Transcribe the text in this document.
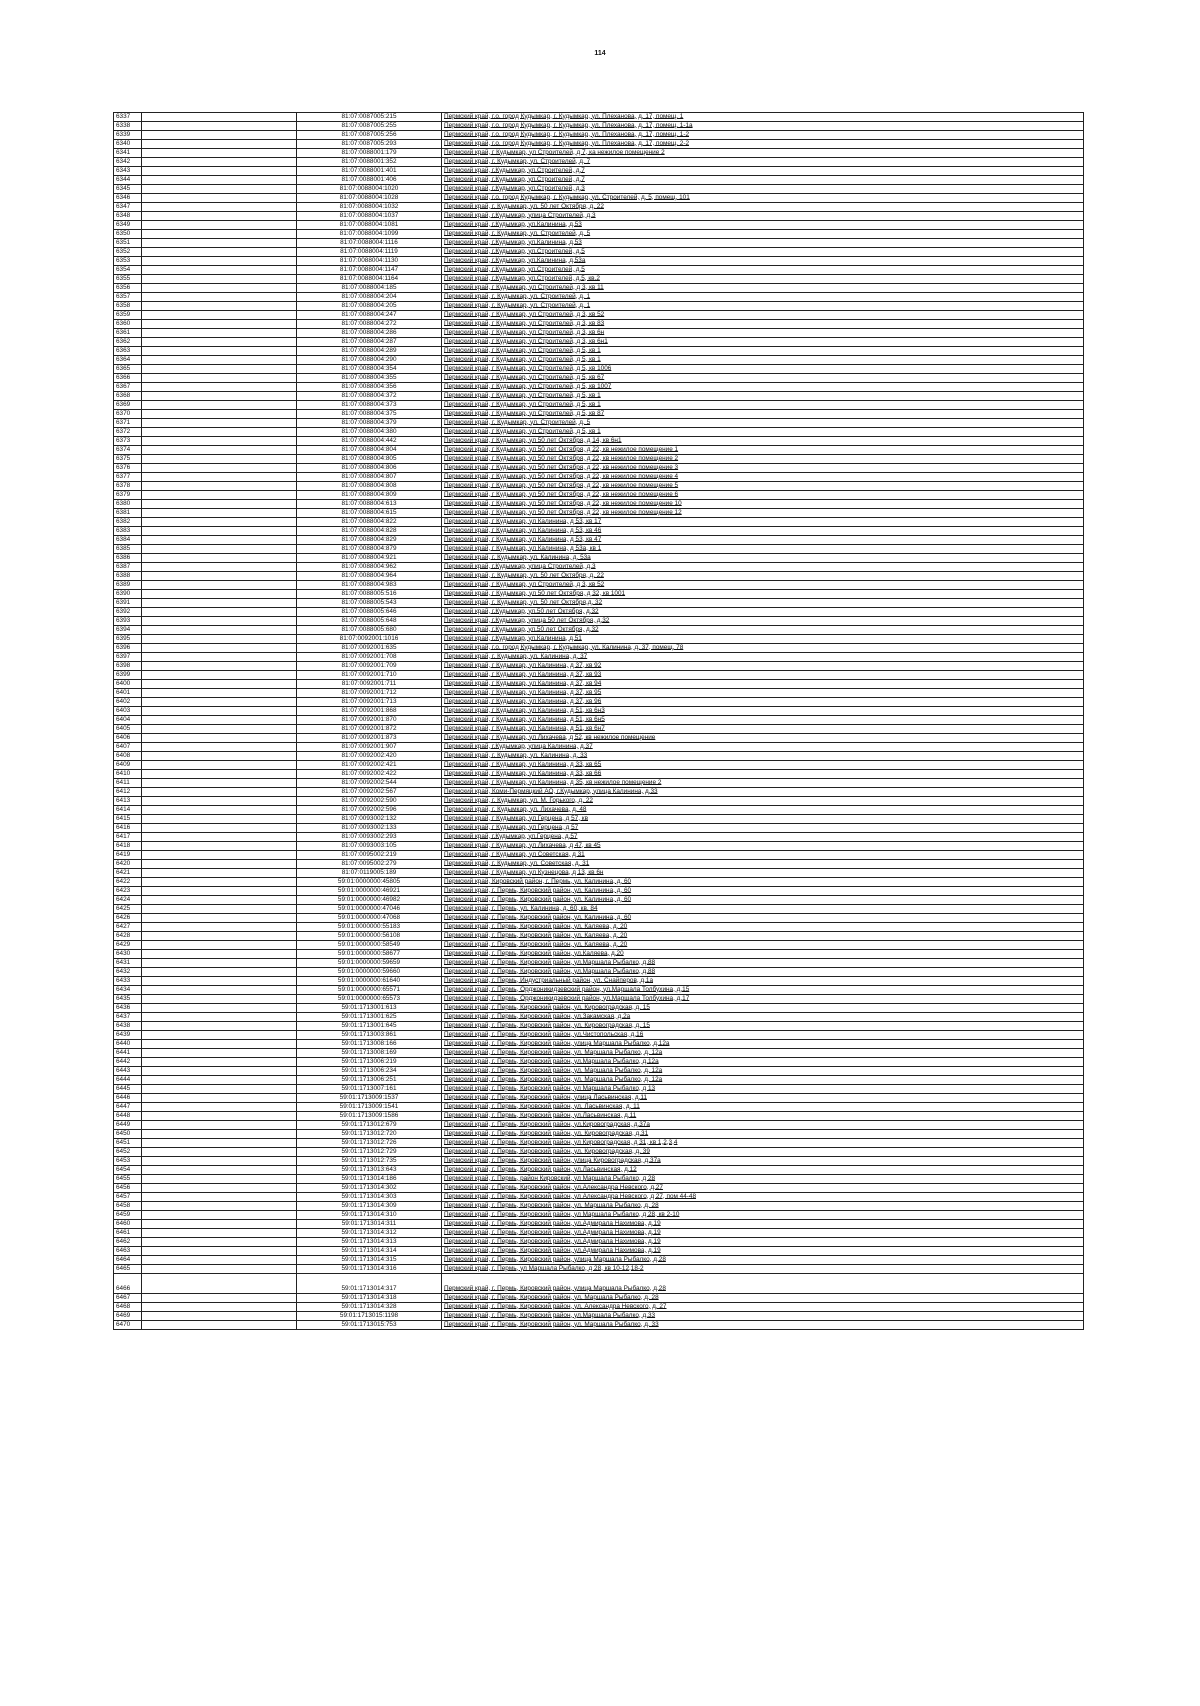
114
6337		81:07:0087005:215	Пермский край, г.о. город Кудымкар, г. Кудымкар, ул. Плеханова, д. 17, помещ. 1
6338		81:07:0087005:255	Пермский край, г.о. город Кудымкар, г. Кудымкар, ул. Плеханова, д. 17, помещ. 1-1а
6339		81:07:0087005:256	Пермский край, г.о. город Кудымкар, г. Кудымкар, ул. Плеханова, д. 17, помещ. 1-2
6340		81:07:0087005:293	Пермский край, г.о. город Кудымкар, г. Кудымкар, ул. Плеханова, д. 17, помещ. 2-2
6341		81:07:0088001:179	Пермский край, г Кудымкар, ул Строителей, д 7, ка нежилое помещение 2
6342		81:07:0088001:352	Пермский край, г. Кудымкар, ул. Строителей, д. 7
6343		81:07:0088001:401	Пермский край, г.Кудымкар, ул.Строителей, д.7
6344		81:07:0088001:406	Пермский край, г.Кудымкар, ул.Строителей, д.7
6345		81:07:0088004:1020	Пермский край, г.Кудымкар, ул.Строителей, д.3
6346		81:07:0088004:1028	Пермский край, г.о. город Кудымкар, г. Кудымкар, ул. Строителей, д. 5, помещ. 101
6347		81:07:0088004:1032	Пермский край, г. Кудымкар, ул. 50 лет Октября, д. 22
6348		81:07:0088004:1037	Пермский край, г.Кудымкар, улица Строителей, д.3
6349		81:07:0088004:1081	Пермский край, г.Кудымкар, ул.Калинина, д.53
6350		81:07:0088004:1099	Пермский край, г. Кудымкар, ул. Строителей, д. 5
6351		81:07:0088004:1116	Пермский край, г.Кудымкар, ул.Калинина, д.53
6352		81:07:0088004:1119	Пермский край, г.Кудымкар, ул.Строителей, д.5
6353		81:07:0088004:1130	Пермский край, г.Кудымкар, ул.Калинина, д.53а
6354		81:07:0088004:1147	Пермский край, г.Кудымкар, ул.Строителей, д.5
6355		81:07:0088004:1164	Пермский край, г.Кудымкар, ул.Строителей, д.5, кв.2
6356		81:07:0088004:185	Пермский край, г Кудымкар, ул Строителей, д 3, кв 11
6357		81:07:0088004:204	Пермский край, г. Кудымкар, ул. Строителей, д. 1
6358		81:07:0088004:205	Пермский край, г. Кудымкар, ул. Строителей, д. 1
6359		81:07:0088004:247	Пермский край, г Кудымкар, ул Строителей, д 3, кв 52
6360		81:07:0088004:272	Пермский край, г Кудымкар, ул Строителей, д 3, кв 83
6361		81:07:0088004:286	Пермский край, г Кудымкар, ул Строителей, д 3, кв 6н
6362		81:07:0088004:287	Пермский край, г Кудымкар, ул Строителей, д 3, кв 6н1
6363		81:07:0088004:289	Пермский край, г Кудымкар, ул Строителей, д 5, кв 1
6364		81:07:0088004:290	Пермский край, г Кудымкар, ул Строителей, д 5, кв 1
6365		81:07:0088004:354	Пермский край, г Кудымкар, ул Строителей, д 5, кв 1006
6366		81:07:0088004:355	Пермский край, г Кудымкар, ул Строителей, д 5, кв 67
6367		81:07:0088004:356	Пермский край, г Кудымкар, ул Строителей, д 5, кв 1007
6368		81:07:0088004:372	Пермский край, г Кудымкар, ул Строителей, д 5, кв 1
6369		81:07:0088004:373	Пермский край, г Кудымкар, ул Строителей, д 5, кв 1
6370		81:07:0088004:375	Пермский край, г Кудымкар, ул Строителей, д 5, кв 87
6371		81:07:0088004:379	Пермский край, г. Кудымкар, ул. Строителей, д. 5
6372		81:07:0088004:380	Пермский край, г Кудымкар, ул Строителей, д 5, кв 1
6373		81:07:0088004:442	Пермский край, г Кудымкар, ул 50 лет Октября, д 14, кв 6н1
6374		81:07:0088004:804	Пермский край, г Кудымкар, ул 50 лет Октября, д 22, кв нежилое помещение 1
6375		81:07:0088004:805	Пермский край, г Кудымкар, ул 50 лет Октября, д 22, кв нежилое помещение 2
6376		81:07:0088004:806	Пермский край, г Кудымкар, ул 50 лет Октября, д 22, кв нежилое помещение 3
6377		81:07:0088004:807	Пермский край, г Кудымкар, ул 50 лет Октября, д 22, кв нежилое помещение 4
6378		81:07:0088004:808	Пермский край, г Кудымкар, ул 50 лет Октября, д 22, кв нежилое помещение 5
6379		81:07:0088004:809	Пермский край, г Кудымкар, ул 50 лет Октября, д 22, кв нежилое помещение 6
6380		81:07:0088004:613	Пермский край, г Кудымкар, ул 50 лет Октября, д 22, кв нежилое помещение 10
6381		81:07:0088004:615	Пермский край, г Кудымкар, ул 50 лет Октября, д 22, кв нежилое помещение 12
6382		81:07:0088004:822	Пермский край, г Кудымкар, ул Калинина, д 53, кв 17
6383		81:07:0088004:828	Пермский край, г Кудымкар, ул Калинина, д 53, кв 46
6384		81:07:0088004:829	Пермский край, г Кудымкар, ул Калинина, д 53, кв 47
6385		81:07:0088004:879	Пермский край, г Кудымкар, ул Калинина, д 53а, кв 1
6386		81:07:0088004:921	Пермский край, г. Кудымкар, ул. Калинина, д. 53а
6387		81:07:0088004:962	Пермский край, г.Кудымкар, улица Строителей, д.3
6388		81:07:0088004:964	Пермский край, г. Кудымкар, ул. 50 лет Октября, д. 22
6389		81:07:0088004:983	Пермский край, г Кудымкар, ул Строителей, д 3, кв 52
6390		81:07:0088005:516	Пермский край, г Кудымкар, ул 50 лет Октября, д 32, кв 1001
6391		81:07:0088005:543	Пермский край, г. Кудымкар, ул. 50 лет Октября,д. 32
6392		81:07:0088005:646	Пермский край, г.Кудымкар, ул.50 лет Октября, д.32
6393		81:07:0088005:648	Пермский край, г.Кудымкар, улица 50 лет Октября, д.32
6394		81:07:0088005:680	Пермский край, г.Кудымкар, ул.50 лет Октября, д.32
6395		81:07:0092001:1016	Пермский край, г.Кудымкар, ул.Калинина, д.51
6396		81:07:0092001:635	Пермский край, г.о. город Кудымкар, г. Кудымкар, ул. Калинина, д. 37, помещ. 78
6397		81:07:0092001:708	Пермский край, г. Кудымкар, ул. Калинина, д. 37
6398		81:07:0092001:709	Пермский край, г Кудымкар, ул Калинина, д 37, кв 92
6399		81:07:0092001:710	Пермский край, г Кудымкар, ул Калинина, д 37, кв 93
6400		81:07:0092001:711	Пермский край, г Кудымкар, ул Калинина, д 37, кв 94
6401		81:07:0092001:712	Пермский край, г Кудымкар, ул Калинина, д 37, кв 95
6402		81:07:0092001:713	Пермский край, г Кудымкар, ул Калинина, д 37, кв 96
6403		81:07:0092001:868	Пермский край, г Кудымкар, ул Калинина, д 51, кв 6н3
6404		81:07:0092001:870	Пермский край, г Кудымкар, ул Калинина, д 51, кв 6н5
6405		81:07:0092001:872	Пермский край, г Кудымкар, ул Калинина, д 51, кв 6н7
6406		81:07:0092001:873	Пермский край, г Кудымкар, ул Лихачева, д 52, кв нежилое помещение
6407		81:07:0092001:907	Пермский край, г.Кудымкар, улица Калинина, д.37
6408		81:07:0092002:420	Пермский край, г. Кудымкар, ул. Калинина, д. 33
6409		81:07:0092002:421	Пермский край, г Кудымкар, ул Калинина, д 33, кв 65
6410		81:07:0092002:422	Пермский край, г Кудымкар, ул Калинина, д 33, кв 66
6411		81:07:0092002:544	Пермский край, г Кудымкар, ул Калинина, д 35, кв нежилое помещение 2
6412		81:07:0092002:567	Пермский край, Коми-Пермяцкий АО, г.Кудымкар, улица Калинина, д.33
6413		81:07:0092002:590	Пермский край, г. Кудымкар, ул. М. Горького, д. 22
6414		81:07:0092002:596	Пермский край, г. Кудымкар, ул. Лихачева, д. 48
6415		81:07:0093002:132	Пермский край, г Кудымкар, ул Герцена, д 57, кв
6416		81:07:0093002:133	Пермский край, г Кудымкар, ул Герцена, д 57
6417		81:07:0093002:293	Пермский край, г.Кудымкар, ул.Герцена, д.57
6418		81:07:0093003:105	Пермский край, г Кудымкар, ул Лихачева, д 47, кв 45
6419		81:07:0095002:219	Пермский край, г Кудымкар, ул Советская, д 31
6420		81:07:0095002:279	Пермский край, г. Кудымкар, ул. Советская, д. 31
6421		81:07:0119005:189	Пермский край, г Кудымкар, ул Кузнецова, д 13, кв 6н
6422		59:01:0000000:45805	Пермский край, Кировский район, г. Пермь, ул. Калинина, д. 60
6423		59:01:0000000:46921	Пермский край, г. Пермь, Кировский район, ул. Калинина, д. 60
6424		59:01:0000000:46982	Пермский край, г. Пермь, Кировский район, ул. Калинина, д. 60
6425		59:01:0000000:47046	Пермский край, г. Пермь, ул. Калинина, д. 60, кв. 84
6426		59:01:0000000:47068	Пермский край, г. Пермь, Кировский район, ул. Калинина, д. 60
6427		59:01:0000000:55183	Пермский край, г. Пермь, Кировский район, ул. Каляева, д. 20
6428		59:01:0000000:56108	Пермский край, г. Пермь, Кировский район, ул. Каляева, д. 20
6429		59:01:0000000:58549	Пермский край, г. Пермь, Кировский район, ул. Каляева, д. 20
6430		59:01:0000000:58677	Пермский край, г. Пермь, Кировский район, ул.Каляева, д.20
6431		59:01:0000000:59659	Пермский край, г. Пермь, Кировский район, ул.Маршала Рыбалко, д.88
6432		59:01:0000000:59660	Пермский край, г. Пермь, Кировский район, ул.Маршала Рыбалко, д.88
6433		59:01:0000000:61640	Пермский край, г. Пермь, Индустриальный район, ул. Снайперов, д.1а
6434		59:01:0000000:65571	Пермский край, г. Пермь, Орджоникидзевский район, ул.Маршала Толбухина, д.15
6435		59:01:0000000:65573	Пермский край, г. Пермь, Орджоникидзевский район, ул.Маршала Толбухина, д.17
6436		59:01:1713001:613	Пермский край, г. Пермь, Кировский район, ул. Кировоградская, д. 15
6437		59:01:1713001:625	Пермский край, г. Пермь, Кировский район, ул.Закамская, д.2а
6438		59:01:1713001:645	Пермский край, г. Пермь, Кировский район, ул. Кировоградская, д. 15
6439		59:01:1713003:861	Пермский край, г. Пермь, Кировский район, ул.Чистопольская, д.16
6440		59:01:1713008:166	Пермский край, г. Пермь, Кировский район, улица Маршала Рыбалко, д.12а
6441		59:01:1713008:169	Пермский край, г. Пермь, Кировский район, ул. Маршала Рыбалко, д. 12а
6442		59:01:1713006:219	Пермский край, г. Пермь, Кировский район, ул.Маршала Рыбалко, д.12а
6443		59:01:1713006:234	Пермский край, г. Пермь, Кировский район, ул. Маршала Рыбалко, д. 12а
6444		59:01:1713006:251	Пермский край, г. Пермь, Кировский район, ул. Маршала Рыбалко, д. 12а
6445		59:01:1713007:161	Пермский край, г. Пермь, Кировский район, ул Маршала Рыбалко, д 13
6446		59:01:1713009:1537	Пермский край, г. Пермь, Кировский район, улица Ласьвинская, д.11
6447		59:01:1713009:1541	Пермский край, г. Пермь, Кировский район, ул. Ласьвинская, д. 11
6448		59:01:1713009:1586	Пермский край, г. Пермь, Кировский район, ул.Ласьвинская, д.11
6449		59:01:1713012:679	Пермский край, г. Пермь, Кировский район, ул.Кировоградская, д.37а
6450		59:01:1713012:720	Пермский край, г. Пермь, Кировский район, ул. Кировоградская, д.31
6451		59:01:1713012:726	Пермский край, г. Пермь, Кировский район, ул Кировоградская, д 31, кв 1,2,3,4
6452		59:01:1713012:729	Пермский край, г. Пермь, Кировский район, ул. Кировоградская, д. 39
6453		59:01:1713012:735	Пермский край, г. Пермь, Кировский район, улица Кировоградская, д.37а
6454		59:01:1713013:643	Пермский край, г. Пермь, Кировский район, ул.Ласьвинская, д.12
6455		59:01:1713014:186	Пермский край, г. Пермь, район Кировский, ул Маршала Рыбалко, д 28
6456		59:01:1713014:302	Пермский край, г. Пермь, Кировский район, ул.Александра Невского, д.27
6457		59:01:1713014:303	Пермский край, г. Пермь, Кировский район, ул Александра Невского, д 27, пом 44-48
6458		59:01:1713014:309	Пермский край, г. Пермь, Кировский район, ул. Маршала Рыбалко, д. 28
6459		59:01:1713014:310	Пермский край, г. Пермь, Кировский район, ул Маршала Рыбалко, д 28, кв 2-10
6460		59:01:1713014:311	Пермский край, г. Пермь, Кировский район, ул.Адмирала Нахимова, д.19
6461		59:01:1713014:312	Пермский край, г. Пермь, Кировский район, ул.Адмирала Нахимова, д.19
6462		59:01:1713014:313	Пермский край, г. Пермь, Кировский район, ул.Адмирала Нахимова, д.19
6463		59:01:1713014:314	Пермский край, г. Пермь, Кировский район, ул.Адмирала Нахимова, д.19
6464		59:01:1713014:315	Пермский край, г. Пермь, Кировский район, улица Маршала Рыбалко, д.28
6465		59:01:1713014:316	Пермский край, г. Пермь, ул Маршала Рыбалко, д 28, кв 10-12,18-2
6466		59:01:1713014:317	Пермский край, г. Пермь, Кировский район, улица Маршала Рыбалко, д.28
6467		59:01:1713014:318	Пермский край, г. Пермь, Кировский район, ул. Маршала Рыбалко, д. 28
6468		59:01:1713014:328	Пермский край, г. Пермь, Кировский район, ул. Александра Невского, д. 27
6469		59:01:1713015:1198	Пермский край, г. Пермь, Кировский район, ул.Маршала Рыбалко, д.33
6470		59:01:1713015:753	Пермский край, г. Пермь, Кировский район, ул. Маршала Рыбалко, д. 33
